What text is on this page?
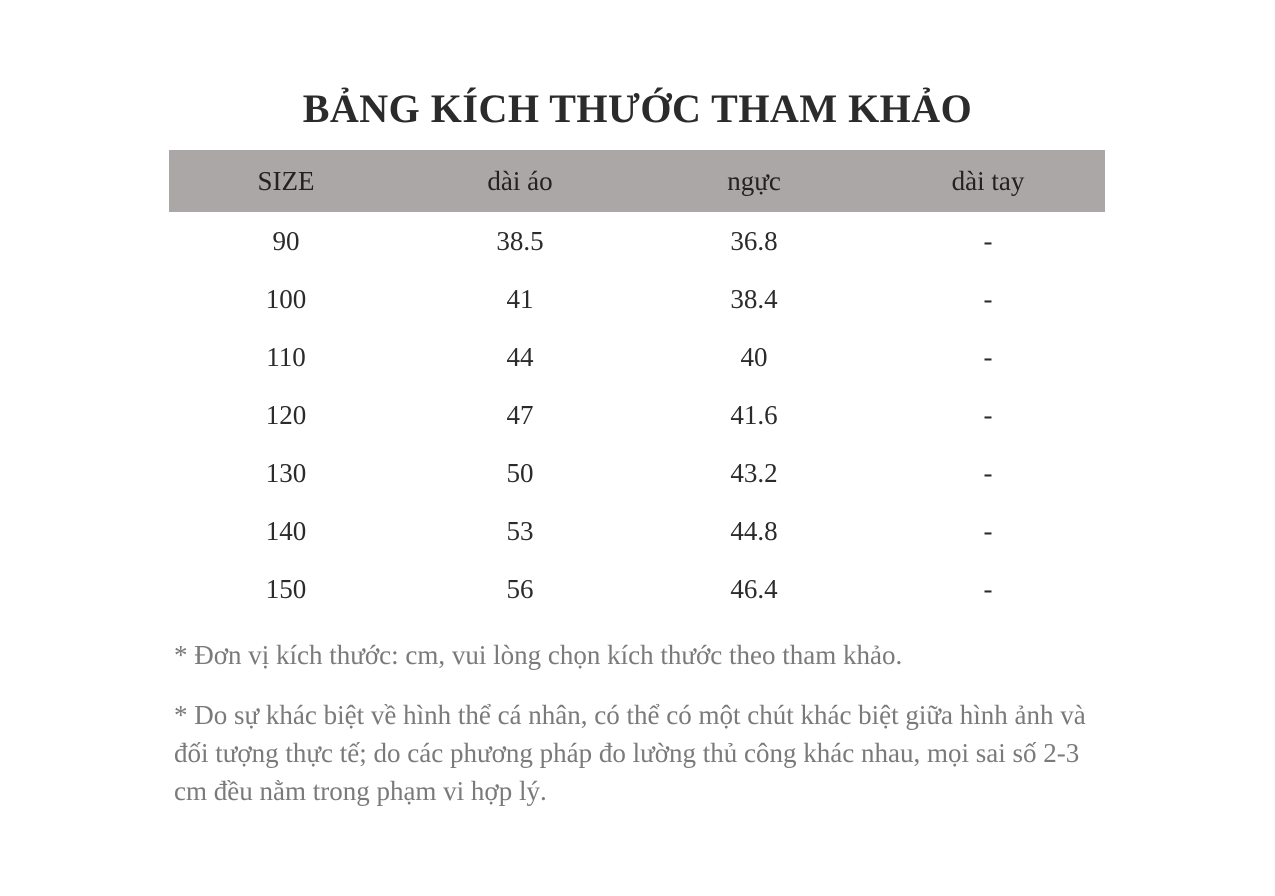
BẢNG KÍCH THƯỚC THAM KHẢO
SIZE	dài áo	ngực	dài tay
90	38.5	36.8	-
100	41	38.4	-
110	44	40	-
120	47	41.6	-
130	50	43.2	-
140	53	44.8	-
150	56	46.4	-

* Đơn vị kích thước: cm, vui lòng chọn kích thước theo tham khảo.

* Do sự khác biệt về hình thể cá nhân, có thể có một chút khác biệt giữa hình ảnh và đối tượng thực tế; do các phương pháp đo lường thủ công khác nhau, mọi sai số 2-3 cm đều nằm trong phạm vi hợp lý.
